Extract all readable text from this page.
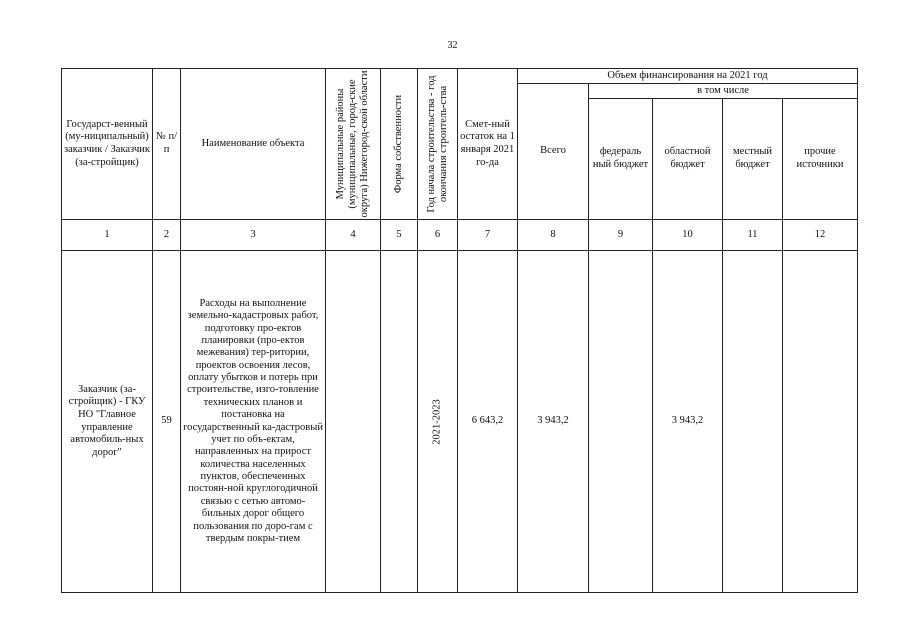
32
Государст-венный (му-ниципальный) заказчик / Заказчик (за-стройщик)	№ п/ п	Наименование объекта	Муниципальные районы (муниципальные, город-ские округа) Нижегород-ской области	Форма собственности	Год начала строительства - год окончания строитель-ства	Смет-ный остаток на 1 января 2021 го-да	Объем финансирования на 2021 год				
							Всего	в том числе			
								федераль ный бюджет	областной бюджет	местный бюджет	прочие источники
1	2	3	4	5	6	7	8	9	10	11	12
Заказчик (за-стройщик) - ГКУ НО "Главное управление автомобиль-ных дорог"	59	Расходы на выполнение земельно-кадастровых работ, подготовку про-ектов планировки (про-ектов межевания) тер-ритории, проектов освоения лесов, оплату убытков и потерь при строительстве, изго-товление технических планов и постановка на государственный ка-дастровый учет по объ-ектам, направленных на прирост количества населенных пунктов, обеспеченных постоян-ной круглогодичной связью с сетью автомо-бильных дорог общего пользования по доро-гам с твердым покры-тием			2021-2023	6 643,2	3 943,2		3 943,2		
